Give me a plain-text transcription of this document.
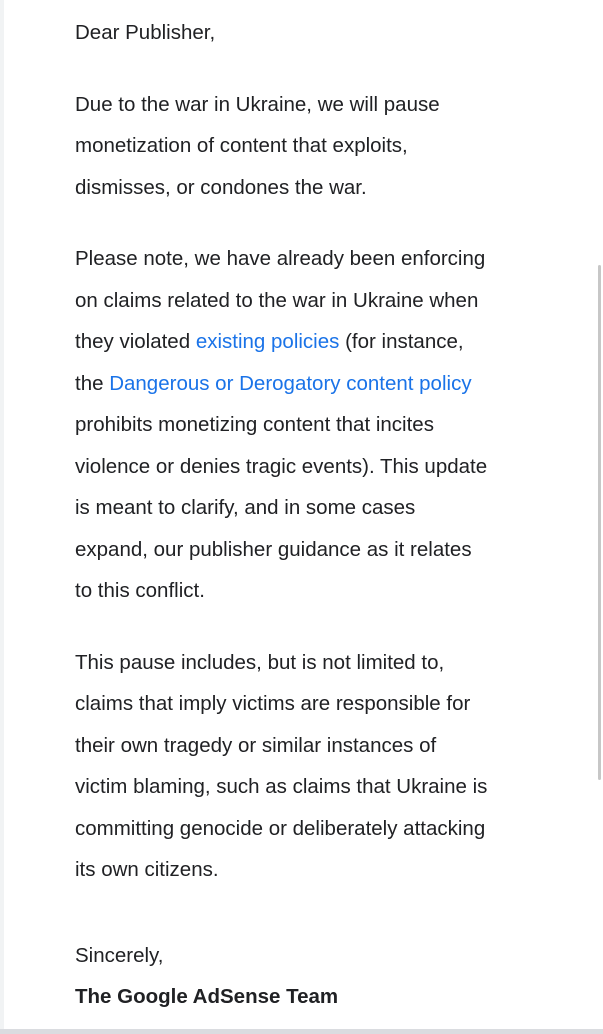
Dear Publisher,
Due to the war in Ukraine, we will pause
monetization of content that exploits,
dismisses, or condones the war.
Please note, we have already been enforcing
on claims related to the war in Ukraine when
they violated existing policies (for instance,
the Dangerous or Derogatory content policy
prohibits monetizing content that incites
violence or denies tragic events). This update
is meant to clarify, and in some cases
expand, our publisher guidance as it relates
to this conflict.
This pause includes, but is not limited to,
claims that imply victims are responsible for
their own tragedy or similar instances of
victim blaming, such as claims that Ukraine is
committing genocide or deliberately attacking
its own citizens.
Sincerely,
The Google AdSense Team
